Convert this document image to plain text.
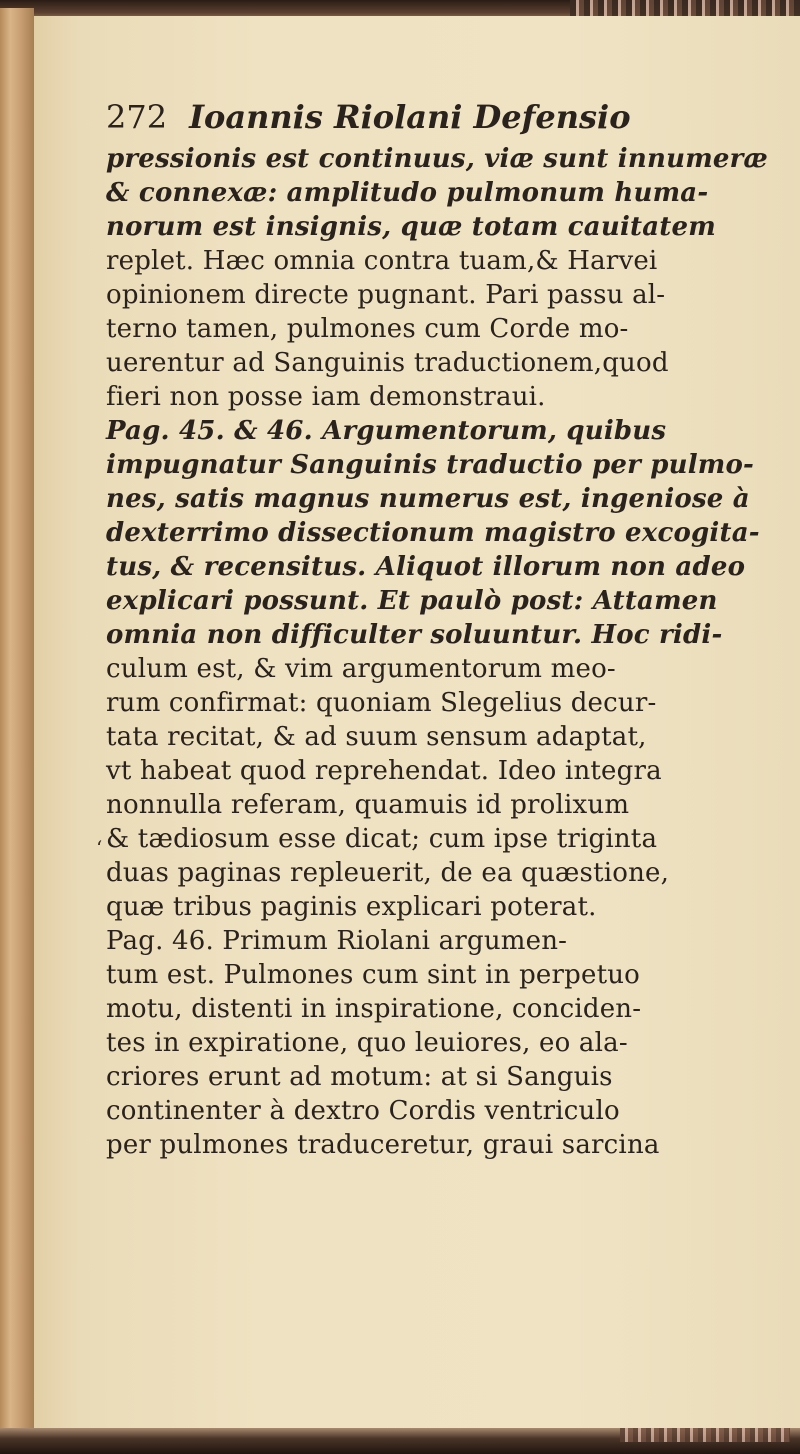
272 Ioannis Riolani Defensio
pressionis est continuus, viæ sunt innumeræ
& connexæ: amplitudo pulmonum huma-
norum est insignis, quæ totam cauitatem
replet. Hæc omnia contra tuam,& Harvei
opinionem directe pugnant. Pari passu al-
terno tamen, pulmones cum Corde mo-
uerentur ad Sanguinis traductionem,quod
fieri non posse iam demonstraui.
Pag. 45. & 46. Argumentorum, quibus
impugnatur Sanguinis traductio per pulmo-
nes, satis magnus numerus est, ingeniose à
dexterrimo dissectionum magistro excogita-
tus, & recensitus. Aliquot illorum non adeo
explicari possunt. Et paulò post: Attamen
omnia non difficulter soluuntur. Hoc ridi-
culum est, & vim argumentorum meo-
rum confirmat: quoniam Slegelius decur-
tata recitat, & ad suum sensum adaptat,
vt habeat quod reprehendat. Ideo integra
nonnulla referam, quamuis id prolixum
& tædiosum esse dicat; cum ipse triginta
duas paginas repleuerit, de ea quæstione,
quæ tribus paginis explicari poterat.
Pag. 46. Primum Riolani argumen-
tum est. Pulmones cum sint in perpetuo
motu, distenti in inspiratione, conciden-
tes in expiratione, quo leuiores, eo ala-
criores erunt ad motum: at si Sanguis
continenter à dextro Cordis ventriculo
per pulmones traduceretur, graui sarcina
‘
